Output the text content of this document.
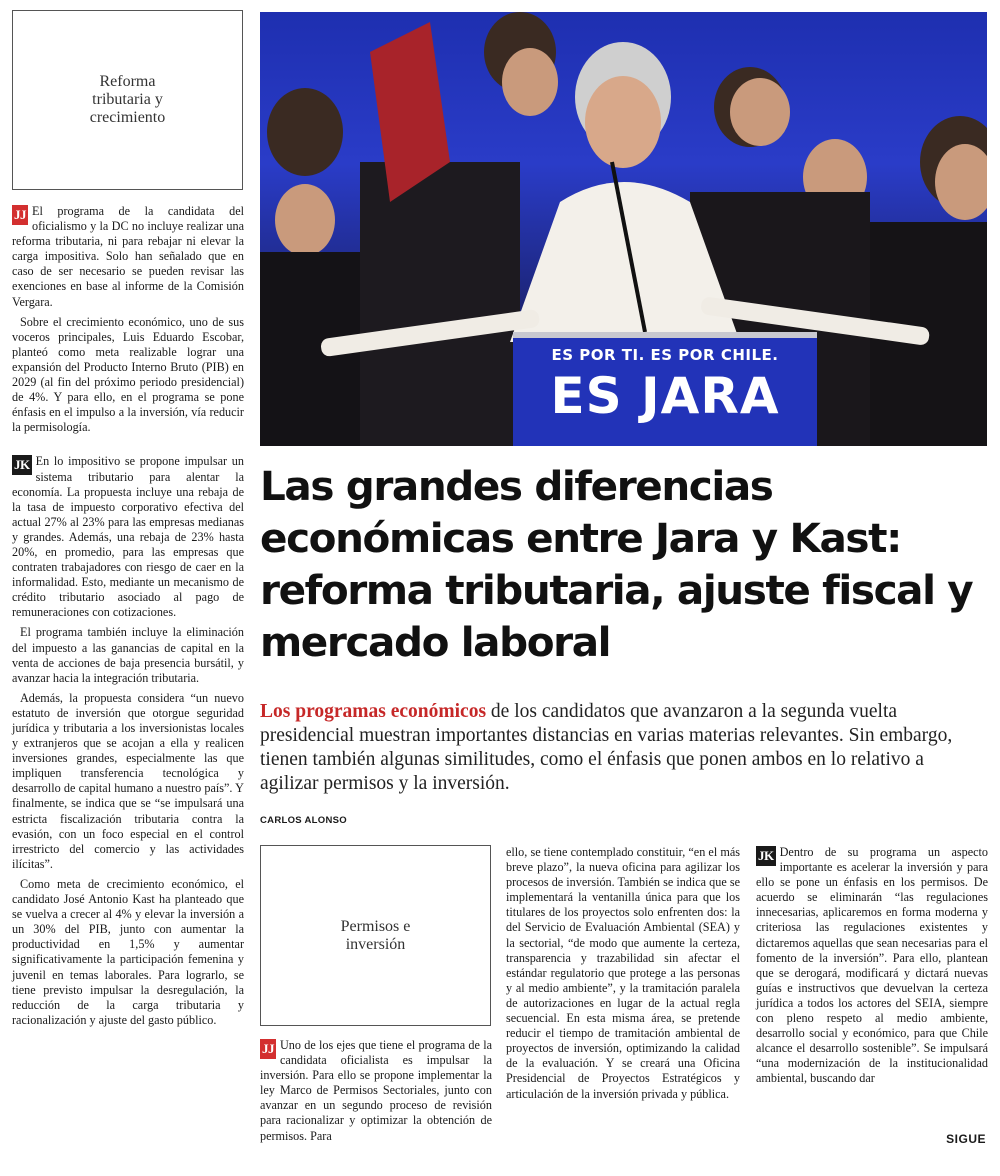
Reforma
tributaria y
crecimiento

JJ El programa de la candidata del oficialismo y la DC no incluye realizar una reforma tributaria, ni para rebajar ni elevar la carga impositiva. Solo han señalado que en caso de ser necesario se pueden revisar las exenciones en base al informe de la Comisión Vergara.

Sobre el crecimiento económico, uno de sus voceros principales, Luis Eduardo Escobar, planteó como meta realizable lograr una expansión del Producto Interno Bruto (PIB) en 2029 (al fin del próximo periodo presidencial) de 4%. Y para ello, en el programa se pone énfasis en el impulso a la inversión, vía reducir la permisología.

JK En lo impositivo se propone impulsar un sistema tributario para alentar la economía. La propuesta incluye una rebaja de la tasa de impuesto corporativo efectiva del actual 27% al 23% para las empresas medianas y grandes. Además, una rebaja de 23% hasta 20%, en promedio, para las empresas que contraten trabajadores con riesgo de caer en la informalidad. Esto, mediante un mecanismo de crédito tributario asociado al pago de remuneraciones con cotizaciones.

El programa también incluye la eliminación del impuesto a las ganancias de capital en la venta de acciones de baja presencia bursátil, y avanzar hacia la integración tributaria.

Además, la propuesta considera “un nuevo estatuto de inversión que otorgue seguridad jurídica y tributaria a los inversionistas locales y extranjeros que se acojan a ella y realicen inversiones grandes, especialmente las que impliquen transferencia tecnológica y desarrollo de capital humano a nuestro país”. Y finalmente, se indica que se “se impulsará una estricta fiscalización tributaria contra la evasión, con un foco especial en el control irrestricto del comercio y las actividades ilícitas”.

Como meta de crecimiento económico, el candidato José Antonio Kast ha planteado que se vuelva a crecer al 4% y elevar la inversión a un 30% del PIB, junto con aumentar la productividad en 1,5% y aumentar significativamente la participación femenina y juvenil en temas laborales. Para lograrlo, se tiene previsto impulsar la desregulación, la reducción de la carga tributaria y racionalización y ajuste del gasto público.

ES POR TI. ES POR CHILE.
ES JARA
Las grandes diferencias económicas entre Jara y Kast: reforma tributaria, ajuste fiscal y mercado laboral

Los programas económicos de los candidatos que avanzaron a la segunda vuelta presidencial muestran importantes distancias en varias materias relevantes. Sin embargo, tienen también algunas similitudes, como el énfasis que ponen ambos en lo relativo a agilizar permisos y la inversión.

CARLOS ALONSO
Permisos e
inversión

JJ Uno de los ejes que tiene el programa de la candidata oficialista es impulsar la inversión. Para ello se propone implementar la ley Marco de Permisos Sectoriales, junto con avanzar en un segundo proceso de revisión para racionalizar y optimizar la obtención de permisos. Para

ello, se tiene contemplado constituir, “en el más breve plazo”, la nueva oficina para agilizar los procesos de inversión. También se indica que se implementará la ventanilla única para que los titulares de los proyectos solo enfrenten dos: la del Servicio de Evaluación Ambiental (SEA) y la sectorial, “de modo que aumente la certeza, transparencia y trazabilidad sin afectar el estándar regulatorio que protege a las personas y al medio ambiente”, y la tramitación paralela de autorizaciones en lugar de la actual regla secuencial. En esta misma área, se pretende reducir el tiempo de tramitación ambiental de proyectos de inversión, optimizando la calidad de la evaluación. Y se creará una Oficina Presidencial de Proyectos Estratégicos y articulación de la inversión privada y pública.

JK Dentro de su programa un aspecto importante es acelerar la inversión y para ello se pone un énfasis en los permisos. De acuerdo se eliminarán “las regulaciones innecesarias, aplicaremos en forma moderna y criteriosa las regulaciones existentes y dictaremos aquellas que sean necesarias para el fomento de la inversión”. Para ello, plantean que se derogará, modificará y dictará nuevas guías e instructivos que devuelvan la certeza jurídica a todos los actores del SEIA, siempre con pleno respeto al medio ambiente, desarrollo social y económico, para que Chile alcance el desarrollo sostenible”. Se impulsará “una modernización de la institucionalidad ambiental, buscando dar

SIGUE
